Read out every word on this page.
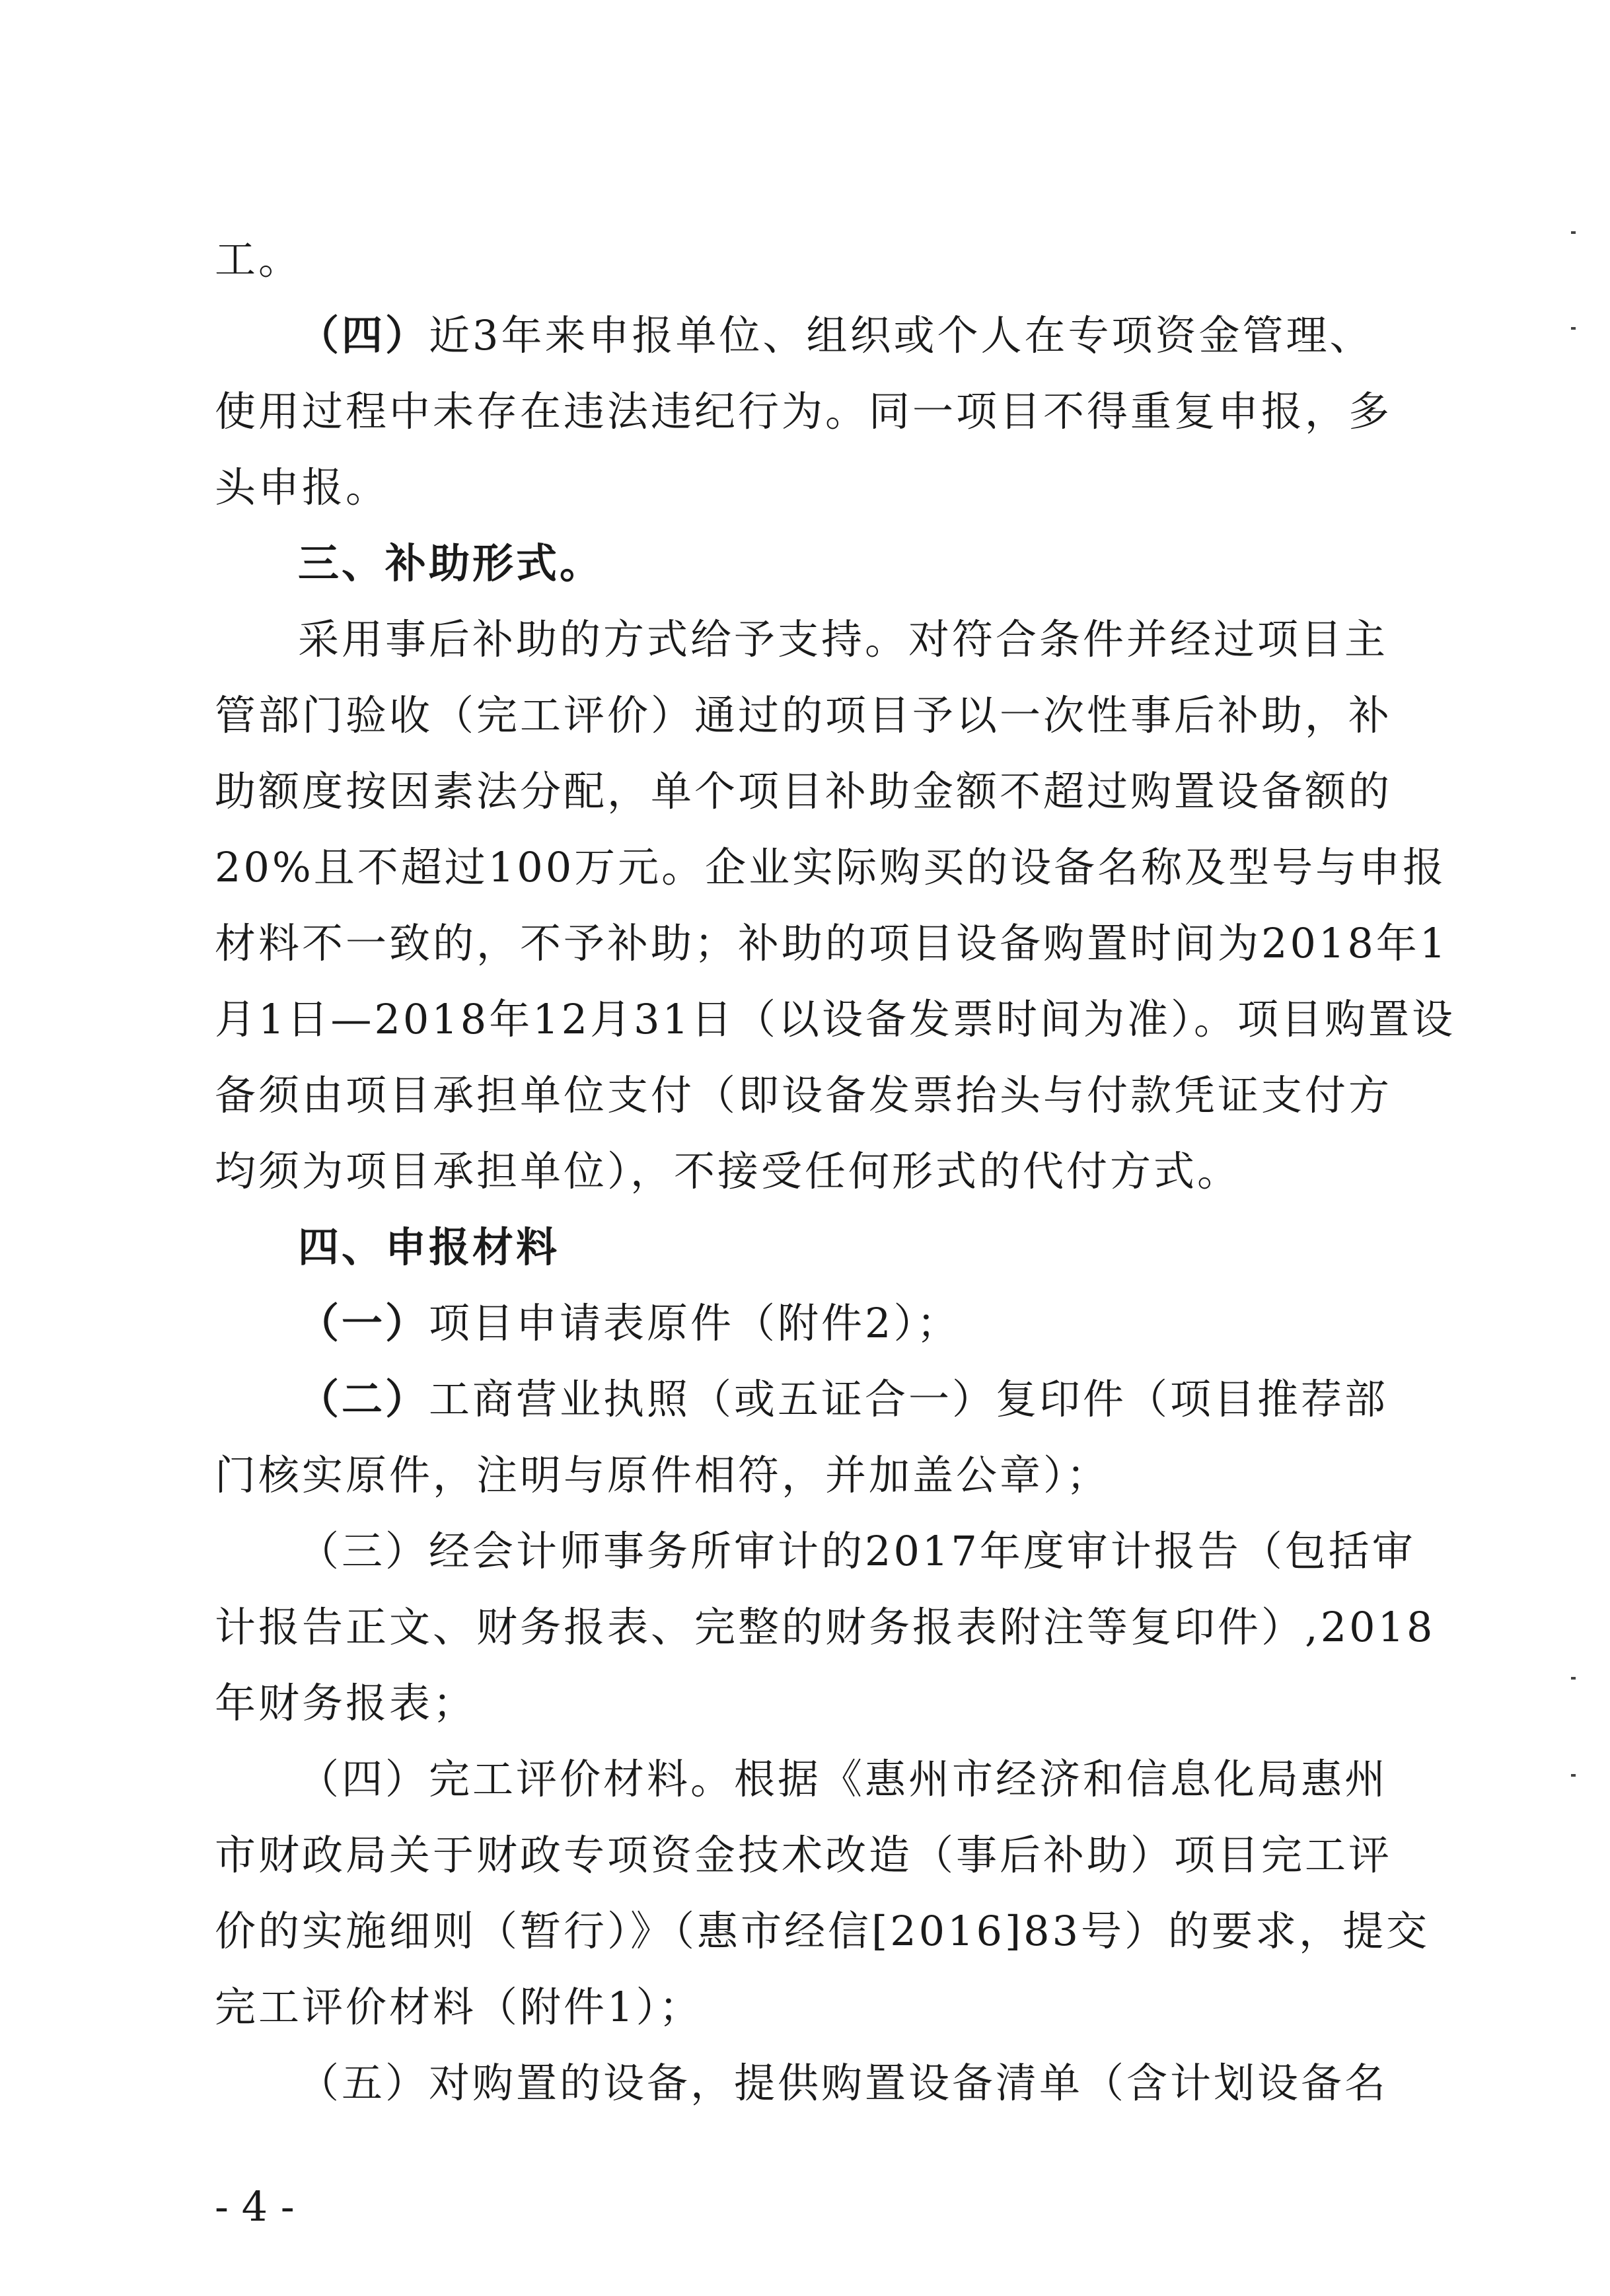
工。
（四）近3年来申报单位、组织或个人在专项资金管理、
使用过程中未存在违法违纪行为。同一项目不得重复申报，多
头申报。
三、补助形式。
采用事后补助的方式给予支持。对符合条件并经过项目主
管部门验收（完工评价）通过的项目予以一次性事后补助，补
助额度按因素法分配，单个项目补助金额不超过购置设备额的
20%且不超过100万元。企业实际购买的设备名称及型号与申报
材料不一致的，不予补助；补助的项目设备购置时间为2018年1
月1日—2018年12月31日（以设备发票时间为准）。项目购置设
备须由项目承担单位支付（即设备发票抬头与付款凭证支付方
均须为项目承担单位），不接受任何形式的代付方式。
四、申报材料
（一）项目申请表原件（附件2）；
（二）工商营业执照（或五证合一）复印件（项目推荐部
门核实原件，注明与原件相符，并加盖公章）；
（三）经会计师事务所审计的2017年度审计报告（包括审
计报告正文、财务报表、完整的财务报表附注等复印件）,2018
年财务报表；
（四）完工评价材料。根据《惠州市经济和信息化局惠州
市财政局关于财政专项资金技术改造（事后补助）项目完工评
价的实施细则（暂行）》（惠市经信[2016]83号）的要求，提交
完工评价材料（附件1）；
（五）对购置的设备，提供购置设备清单（含计划设备名
- 4 -
